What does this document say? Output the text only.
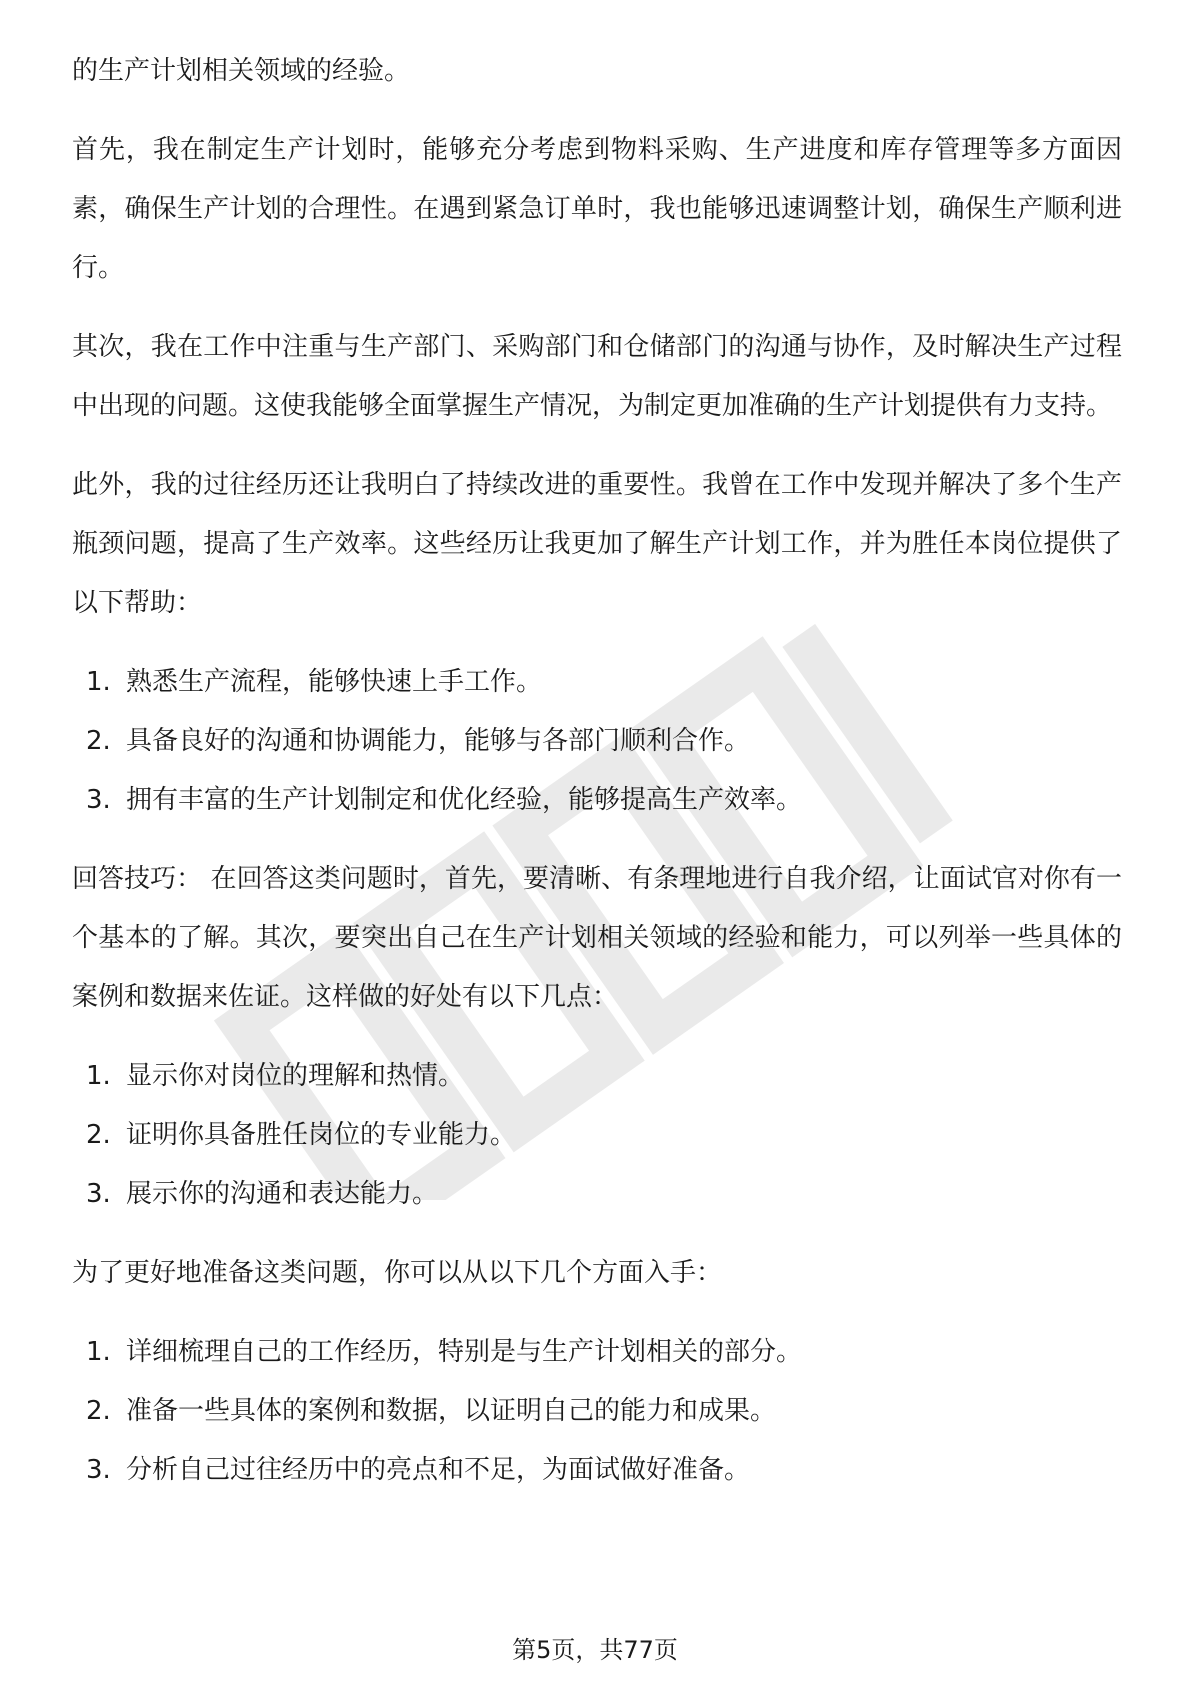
的生产计划相关领域的经验。

首先，我在制定生产计划时，能够充分考虑到物料采购、生产进度和库存管理等多方面因素，确保生产计划的合理性。在遇到紧急订单时，我也能够迅速调整计划，确保生产顺利进行。

其次，我在工作中注重与生产部门、采购部门和仓储部门的沟通与协作，及时解决生产过程中出现的问题。这使我能够全面掌握生产情况，为制定更加准确的生产计划提供有力支持。

此外，我的过往经历还让我明白了持续改进的重要性。我曾在工作中发现并解决了多个生产瓶颈问题，提高了生产效率。这些经历让我更加了解生产计划工作，并为胜任本岗位提供了以下帮助：

1. 熟悉生产流程，能够快速上手工作。
2. 具备良好的沟通和协调能力，能够与各部门顺利合作。
3. 拥有丰富的生产计划制定和优化经验，能够提高生产效率。

回答技巧： 在回答这类问题时，首先，要清晰、有条理地进行自我介绍，让面试官对你有一个基本的了解。其次，要突出自己在生产计划相关领域的经验和能力，可以列举一些具体的案例和数据来佐证。这样做的好处有以下几点：

1. 显示你对岗位的理解和热情。
2. 证明你具备胜任岗位的专业能力。
3. 展示你的沟通和表达能力。

为了更好地准备这类问题，你可以从以下几个方面入手：

1. 详细梳理自己的工作经历，特别是与生产计划相关的部分。
2. 准备一些具体的案例和数据，以证明自己的能力和成果。
3. 分析自己过往经历中的亮点和不足，为面试做好准备。
第5页，共77页
